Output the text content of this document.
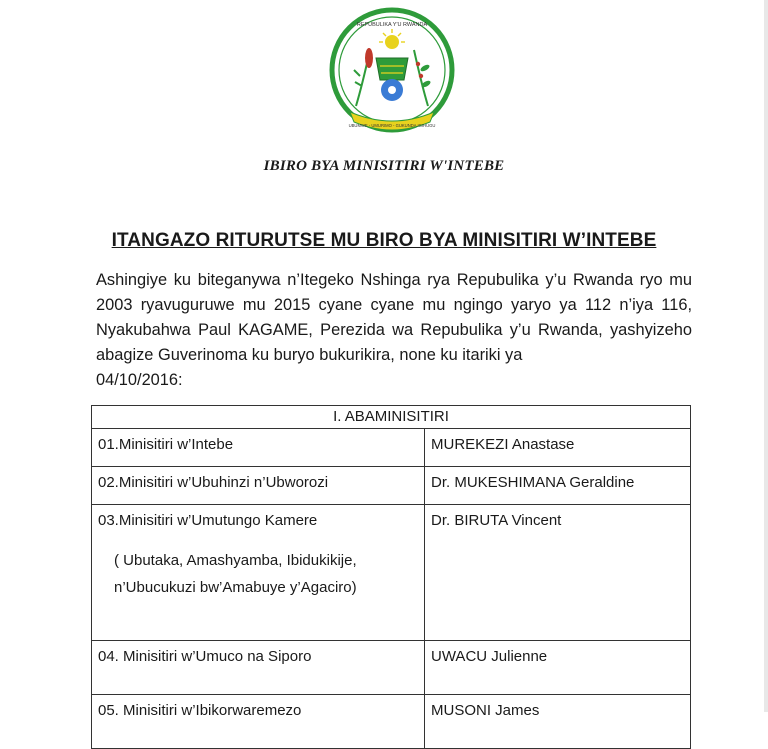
REPUBULIKA Y'U RWANDA
UBUMWE - UMURIMO - GUKUNDA IGIHUGU
IBIRO BYA MINISITIRI W'INTEBE
ITANGAZO RITURUTSE MU BIRO BYA MINISITIRI W’INTEBE

Ashingiye ku biteganywa n’Itegeko Nshinga rya Repubulika y’u Rwanda ryo mu 2003 ryavuguruwe mu 2015 cyane cyane mu ngingo yaryo ya 112 n’iya 116, Nyakubahwa Paul KAGAME, Perezida wa Repubulika y’u Rwanda, yashyizeho abagize Guverinoma ku buryo bukurikira, none ku itariki ya
04/10/2016:

I. ABAMINISITIRI	
01.Minisitiri w’Intebe	MUREKEZI Anastase
02.Minisitiri w’Ubuhinzi n’Ubworozi	Dr. MUKESHIMANA Geraldine
03.Minisitiri w’Umutungo Kamere
( Ubutaka, Amashyamba, Ibidukikije,
n’Ubucukuzi bw’Amabuye y’Agaciro)	Dr. BIRUTA Vincent
04. Minisitiri w’Umuco na Siporo	UWACU Julienne
05. Minisitiri w’Ibikorwaremezo	MUSONI James
